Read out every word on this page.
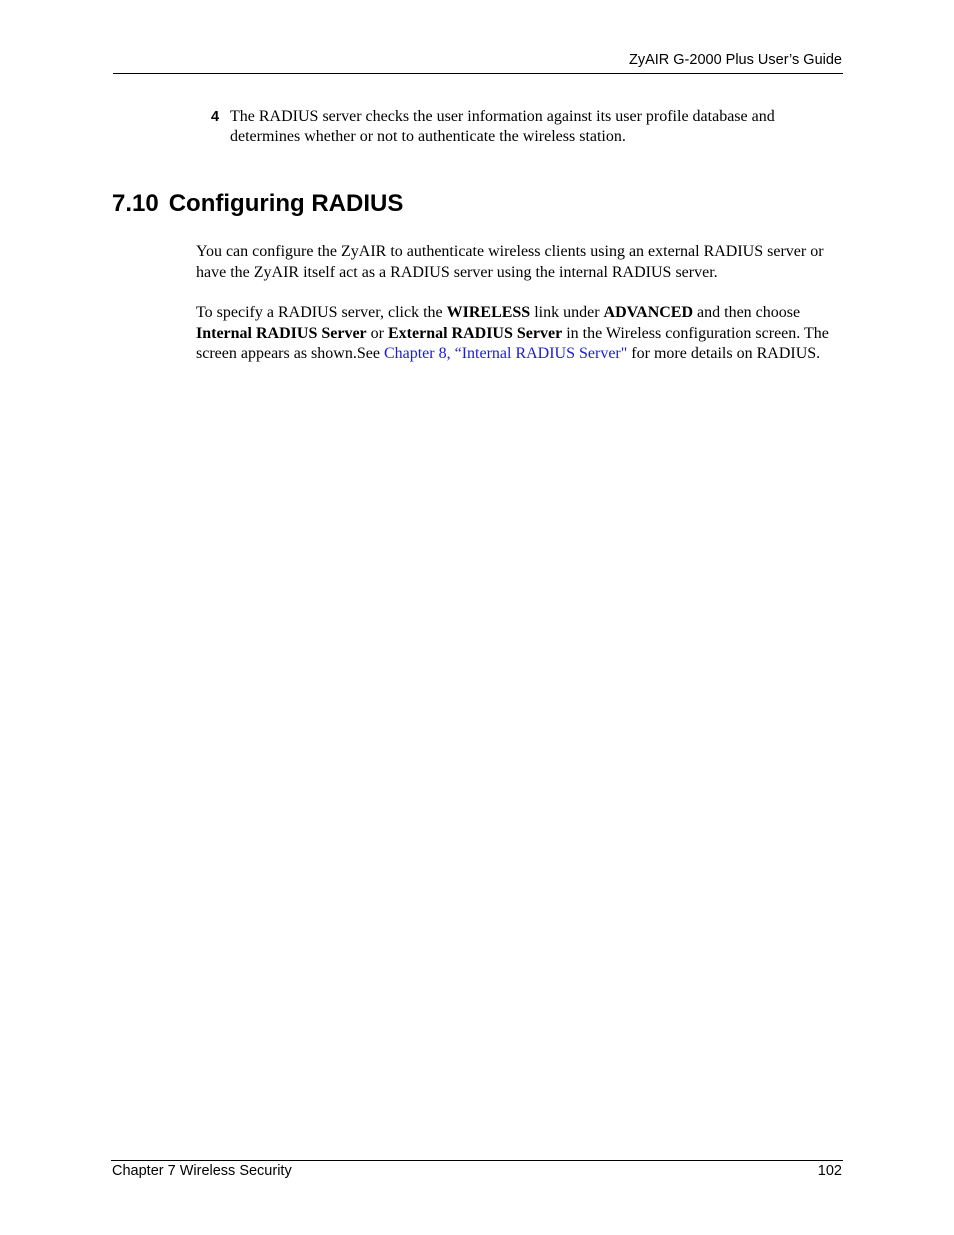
ZyAIR G-2000 Plus User’s Guide
4 The RADIUS server checks the user information against its user profile database and determines whether or not to authenticate the wireless station.
7.10 Configuring RADIUS

You can configure the ZyAIR to authenticate wireless clients using an external RADIUS server or have the ZyAIR itself act as a RADIUS server using the internal RADIUS server.

To specify a RADIUS server, click the WIRELESS link under ADVANCED and then choose Internal RADIUS Server or External RADIUS Server in the Wireless configuration screen. The screen appears as shown.See Chapter 8, “Internal RADIUS Server" for more details on RADIUS.

Chapter 7 Wireless Security	102
